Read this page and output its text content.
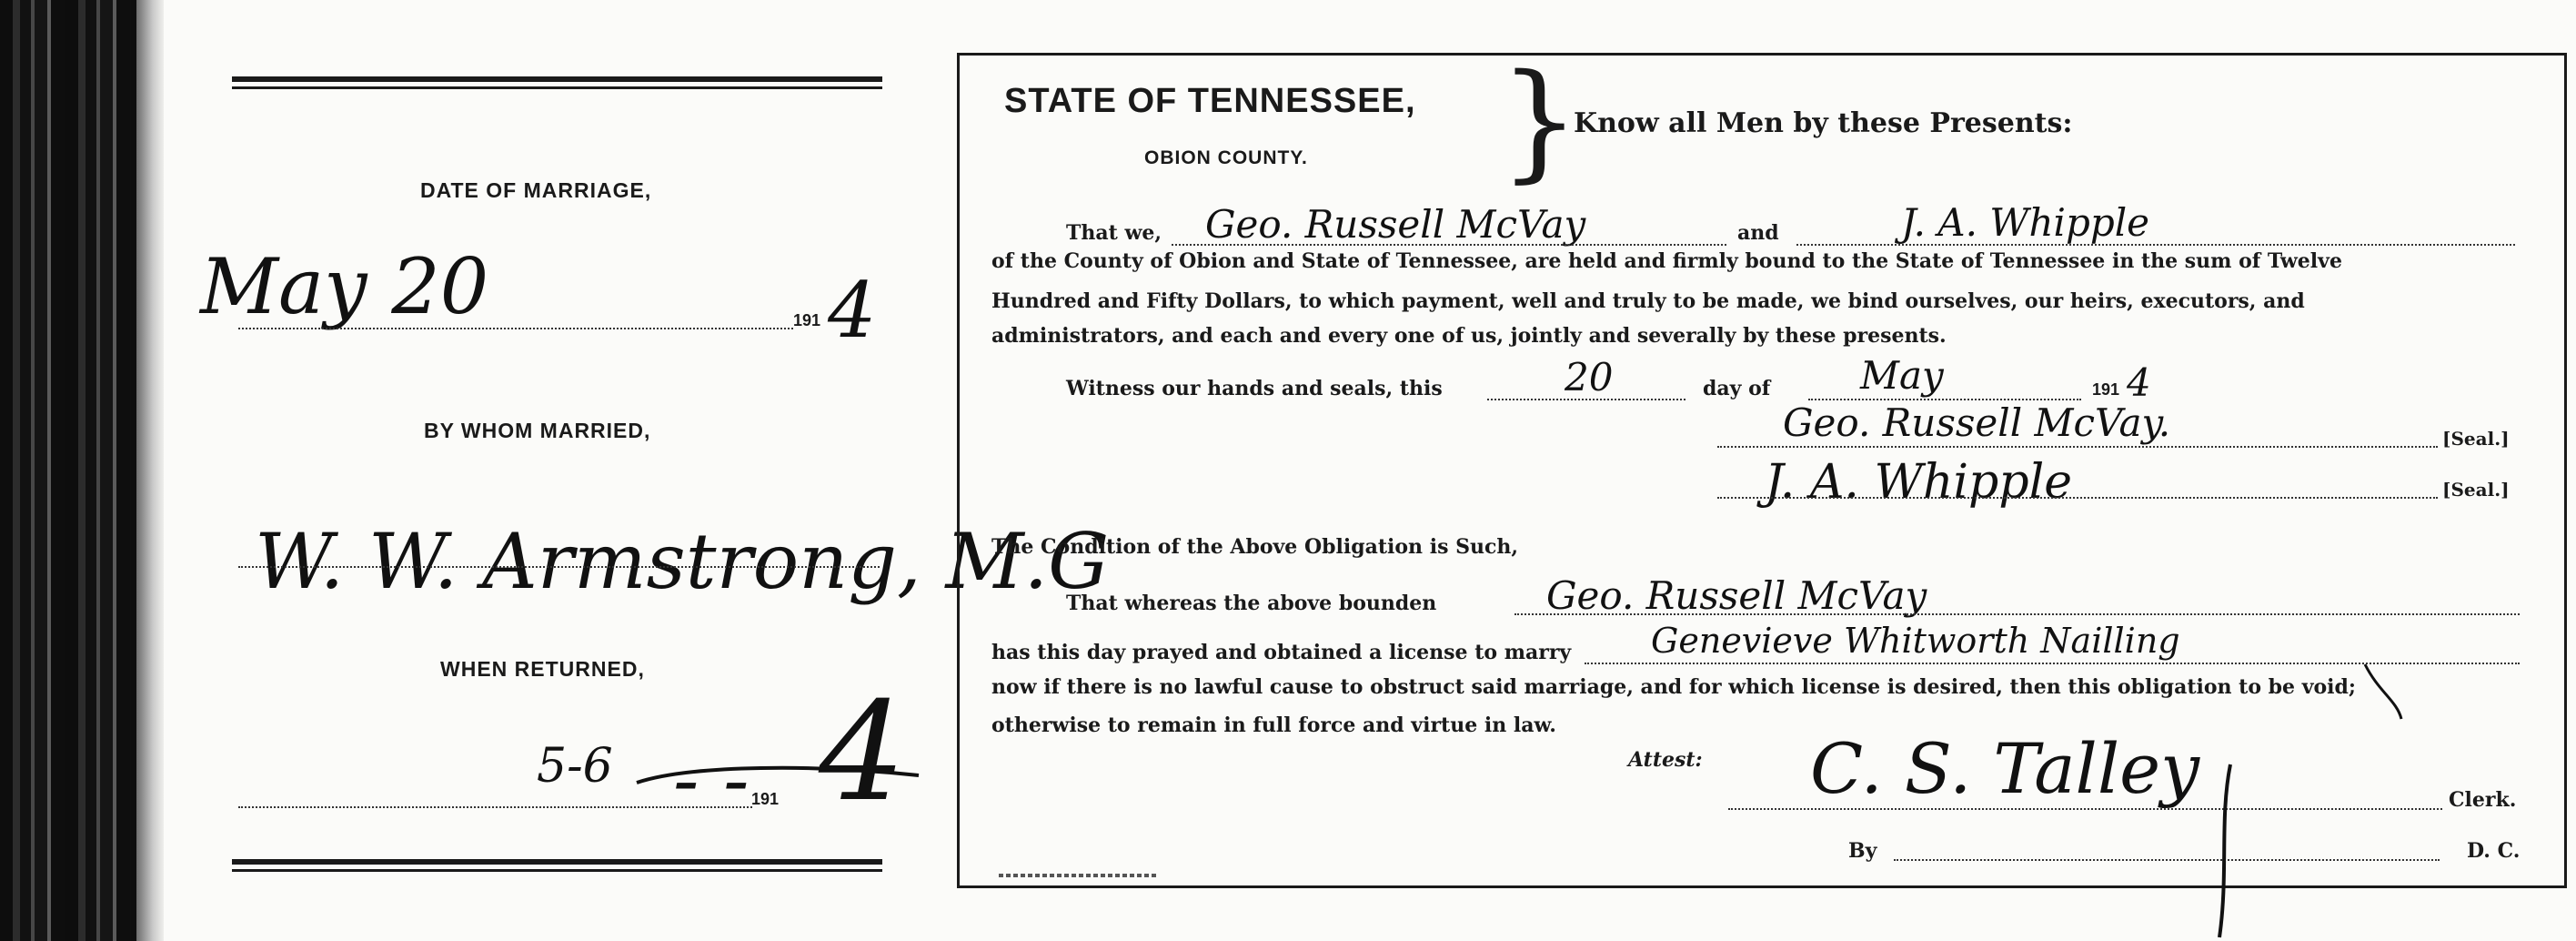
DATE OF MARRIAGE,
May 20	191 4
BY WHOM MARRIED,
W. W. Armstrong, M.G
WHEN RETURNED,
5-6 - - 191 4
STATE OF TENNESSEE,
OBION COUNTY. }
Know all Men by these Presents:
That we, Geo. Russell McVay	and	J. A. Whipple
of the County of Obion and State of Tennessee, are held and firmly bound to the State of Tennessee in the sum of Twelve
Hundred and Fifty Dollars, to which payment, well and truly to be made, we bind ourselves, our heirs, executors, and
administrators, and each and every one of us, jointly and severally by these presents.
Witness our hands and seals, this	20	day of May	191 4
Geo. Russell McVay.	[Seal.]
J. A. Whipple	[Seal.]
The Condition of the Above Obligation is Such,
That whereas the above bounden	Geo. Russell McVay
has this day prayed and obtained a license to marry Genevieve Whitworth Nailling
now if there is no lawful cause to obstruct said marriage, and for which license is desired, then this obligation to be void;
otherwise to remain in full force and virtue in law.
Attest: C. S. Talley	Clerk.
By	D. C.
